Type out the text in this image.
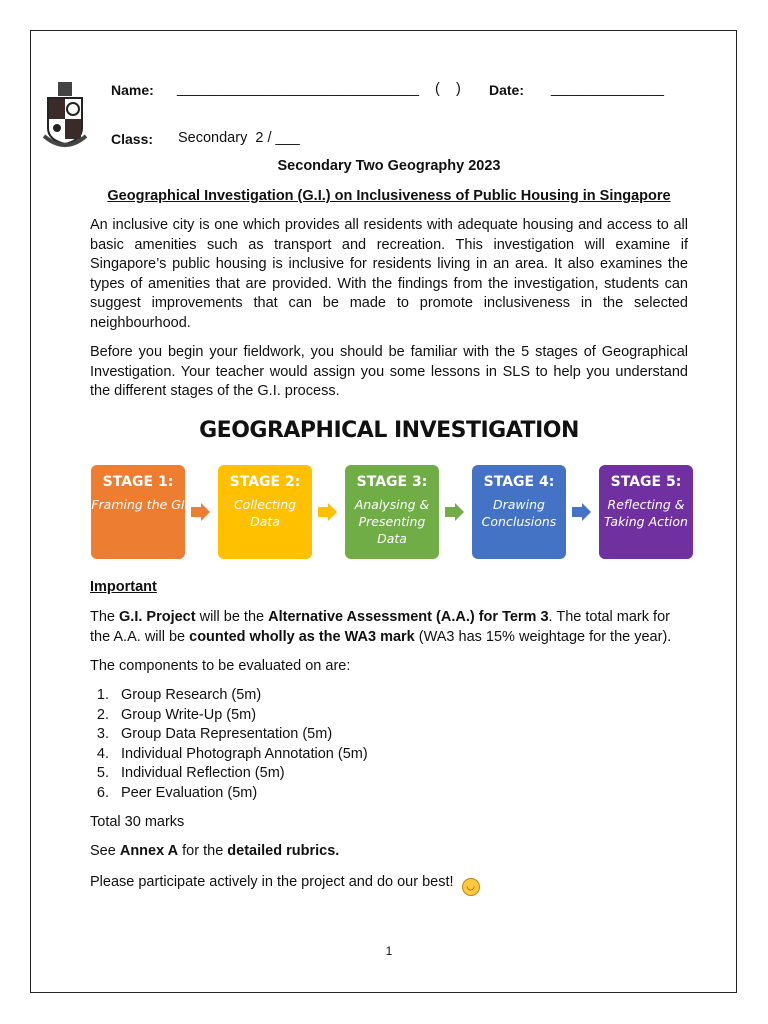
Name: ______________________________ (    ) Date: ______________
Class: Secondary  2 / ___
Secondary Two Geography 2023
Geographical Investigation (G.I.) on Inclusiveness of Public Housing in Singapore
An inclusive city is one which provides all residents with adequate housing and access to all basic amenities such as transport and recreation. This investigation will examine if Singapore’s public housing is inclusive for residents living in an area. It also examines the types of amenities that are provided. With the findings from the investigation, students can suggest improvements that can be made to promote inclusiveness in the selected neighbourhood.
Before you begin your fieldwork, you should be familiar with the 5 stages of Geographical Investigation. Your teacher would assign you some lessons in SLS to help you understand the different stages of the G.I. process.
GEOGRAPHICAL INVESTIGATION
STAGE 1:
Framing the GI
STAGE 2:
Collecting Data
STAGE 3:
Analysing & Presenting Data
STAGE 4:
Drawing Conclusions
STAGE 5:
Reflecting & Taking Action
Important
The G.I. Project will be the Alternative Assessment (A.A.) for Term 3. The total mark for the A.A. will be counted wholly as the WA3 mark (WA3 has 15% weightage for the year).
The components to be evaluated on are:
1. Group Research (5m)
2. Group Write-Up (5m)
3. Group Data Representation (5m)
4. Individual Photograph Annotation (5m)
5. Individual Reflection (5m)
6. Peer Evaluation (5m)
Total 30 marks
See Annex A for the detailed rubrics.
Please participate actively in the project and do our best! ◡
1
